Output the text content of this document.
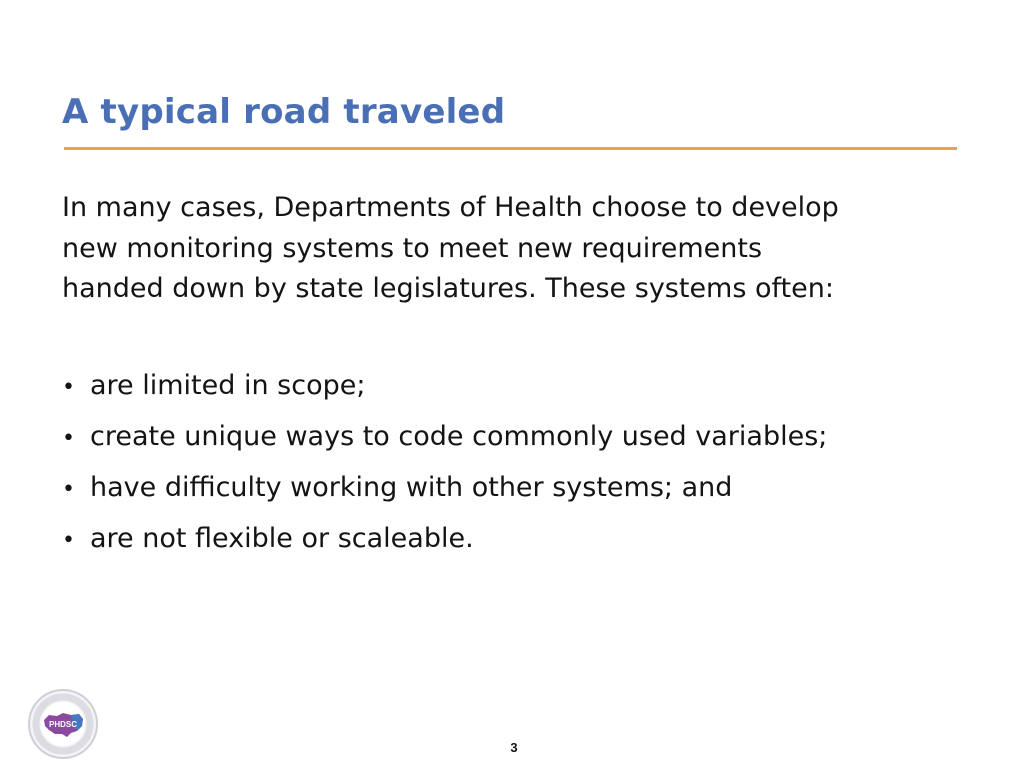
A typical road traveled

In many cases, Departments of Health choose to develop
new monitoring systems to meet new requirements
handed down by state legislatures. These systems often:

• are limited in scope;
• create unique ways to code commonly used variables;
• have difficulty working with other systems; and
• are not flexible or scaleable.
PHDSC
3
